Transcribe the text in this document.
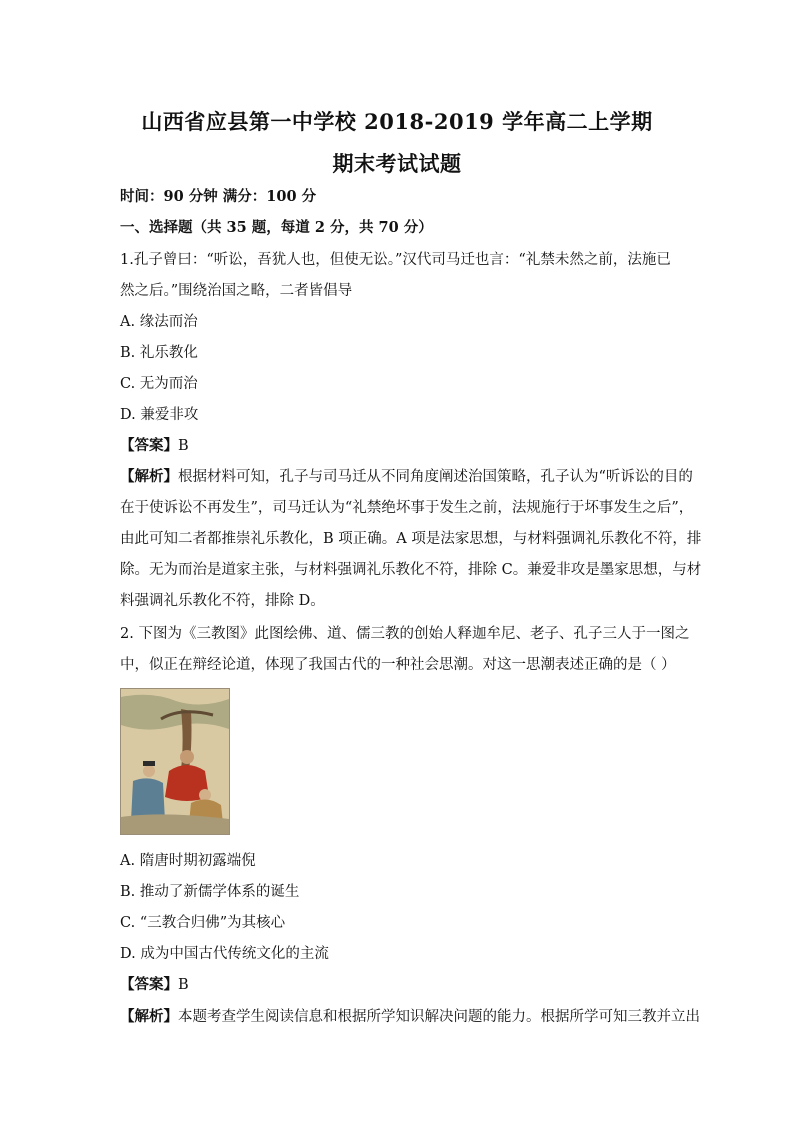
山西省应县第一中学校 2018-2019 学年高二上学期
期末考试试题
时间：90 分钟 满分：100 分
一、选择题（共 35 题，每道 2 分，共 70 分）
1.孔子曾曰：“听讼，吾犹人也，但使无讼。”汉代司马迁也言：“礼禁未然之前，法施已
然之后。”围绕治国之略，二者皆倡导
A. 缘法而治
B. 礼乐教化
C. 无为而治
D. 兼爱非攻
【答案】B
【解析】根据材料可知，孔子与司马迁从不同角度阐述治国策略，孔子认为“听诉讼的目的
在于使诉讼不再发生”，司马迁认为“礼禁绝坏事于发生之前，法规施行于坏事发生之后”，
由此可知二者都推崇礼乐教化，B 项正确。A 项是法家思想，与材料强调礼乐教化不符，排
除。无为而治是道家主张，与材料强调礼乐教化不符，排除 C。兼爱非攻是墨家思想，与材
料强调礼乐教化不符，排除 D。
2. 下图为《三教图》此图绘佛、道、儒三教的创始人释迦牟尼、老子、孔子三人于一图之
中，似正在辩经论道，体现了我国古代的一种社会思潮。对这一思潮表述正确的是（ ）
A. 隋唐时期初露端倪
B. 推动了新儒学体系的诞生
C. “三教合归佛”为其核心
D. 成为中国古代传统文化的主流
【答案】B
【解析】本题考查学生阅读信息和根据所学知识解决问题的能力。根据所学可知三教并立出
